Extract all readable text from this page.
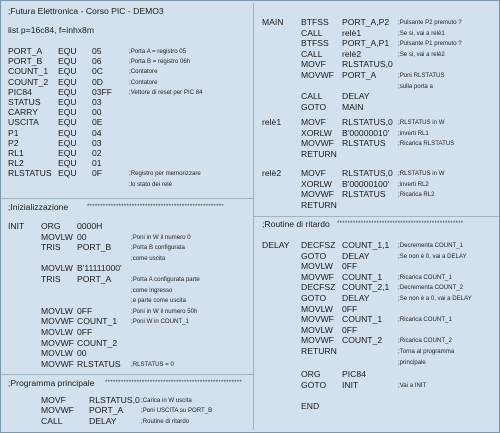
;Futura Elettronica - Corso PIC - DEMO3
list p=16c84, f=inhx8m
PORT_A EQU 05	;Porta A = registro 05
PORT_B EQU 06	;Porta B = registro 06h
COUNT_1 EQU 0C	;Contatore
COUNT_2 EQU 0D	;Contatore
PIC84	EQU 03FF	;Vettore di reset per PIC 84
STATUS EQU 03
CARRY EQU 00
USCITA EQU 0E
P1	EQU 04
P2	EQU 03
RL1	EQU 02
RL2	EQU 01
RLSTATUS EQU 0F	;Registro per memorizzare
;lo stato dei relè
;Inizializzazione	****************************************************
INIT ORG 0000H
MOVLW 00	;Poni in W il numero 0
TRIS PORT_B	;Porta B configurata
;come uscita
MOVLW B'11111000'
TRIS PORT_A	;Porta A configurata parte
;come ingresso
;e parte come uscita
MOVLW 0FF	;Poni in W il numero 50h
MOVWF COUNT_1 ;Poni W in COUNT_1
MOVLW 0FF
MOVWF COUNT_2
MOVLW 00
MOVWF RLSTATUS ;RLSTATUS = 0
;Programma principale ****************************************************
MOVF	RLSTATUS,0 ;Carica in W uscita
MOVWF PORT_A	;Poni USCITA su PORT_B
CALL	DELAY	;Routine di ritardo
MAIN BTFSS PORT_A,P2 ;Pulsante P2 premuto ?
CALL relè1	;Se si, vai a relè1
BTFSS PORT_A,P1 ;Pulsante P1 premuto ?
CALL relè2	;Se si, vai a relè2
MOVF RLSTATUS,0
MOVWF PORT_A	;Poni RLSTATUS
;sulla porta a
CALL DELAY
GOTO MAIN
relè1 MOVF RLSTATUS,0 ;RLSTATUS in W
XORLW B'00000010' ;inverti RL1
MOVWF RLSTATUS ;Ricarica RLSTATUS
RETURN
relè2 MOVF RLSTATUS,0 ;RLSTATUS in W
XORLW B'00000100' ;inverti RL2
MOVWF RLSTATUS ;Ricarica RL2
RETURN
;Routine di ritardo ************************************************
DELAY DECFSZ COUNT_1,1 ;Decrementa COUNT_1
GOTO DELAY	;Se non è 0, vai a DELAY
MOVLW 0FF
MOVWF COUNT_1	;Ricarica COUNT_1
DECFSZ COUNT_2,1 ;Decrementa COUNT_2
GOTO DELAY	;Se non è a 0, vai a DELAY
MOVLW 0FF
MOVWF COUNT_1	;Ricarica COUNT_1
MOVLW 0FF
MOVWF COUNT_2	;Ricarica COUNT_2
RETURN	;Torna al programma
;principale
ORG PIC84
GOTO INIT	;Vai a INIT
END
